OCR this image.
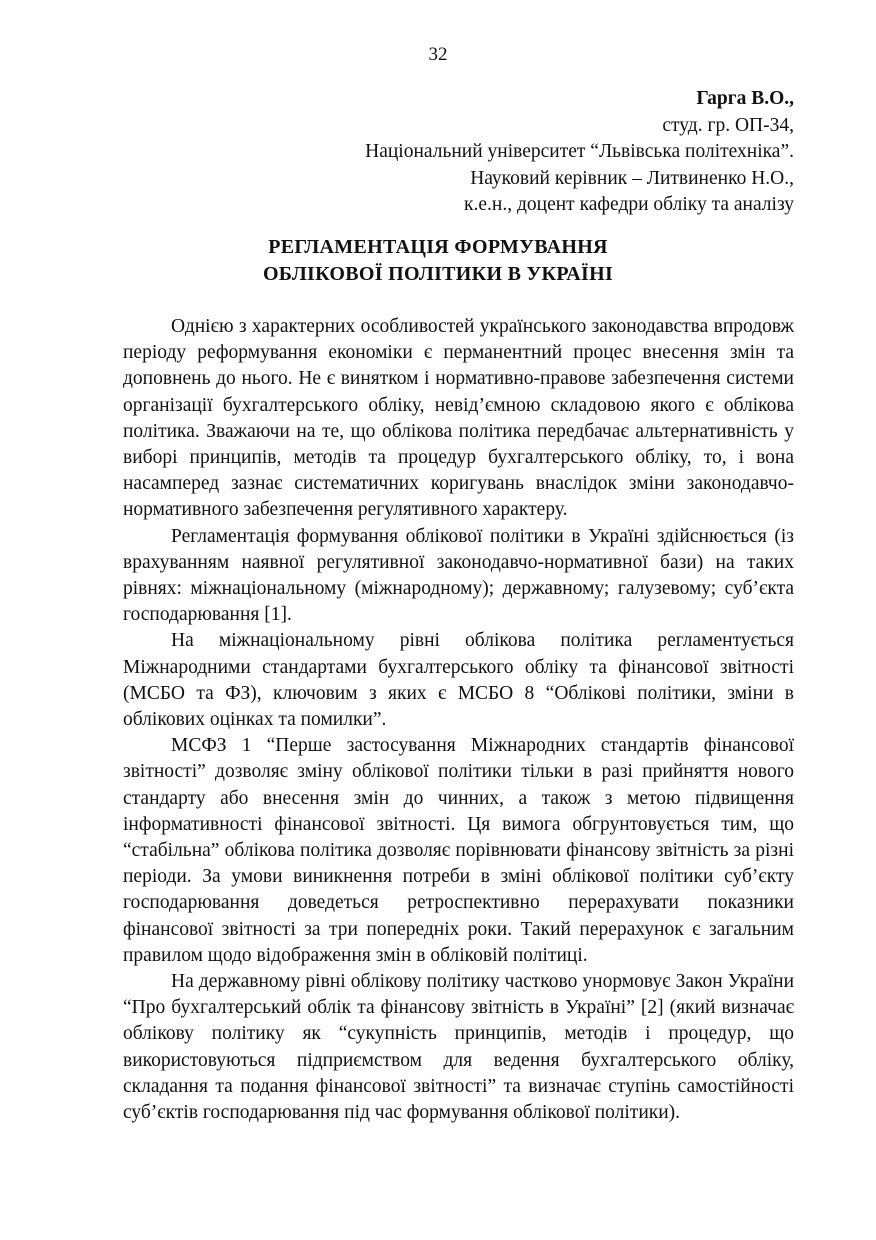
32
Гарга В.О.,
студ. гр. ОП-34,
Національний університет “Львівська політехніка”.
Науковий керівник – Литвиненко Н.О.,
к.е.н., доцент кафедри обліку та аналізу
РЕГЛАМЕНТАЦІЯ ФОРМУВАННЯ
ОБЛІКОВОЇ ПОЛІТИКИ В УКРАЇНІ

Однією з характерних особливостей українського законодавства впродовж періоду реформування економіки є перманентний процес внесення змін та доповнень до нього. Не є винятком і нормативно-правове забезпечення системи організації бухгалтерського обліку, невід’ємною складовою якого є облікова політика. Зважаючи на те, що облікова політика передбачає альтернативність у виборі принципів, методів та процедур бухгалтерського обліку, то, і вона насамперед зазнає систематичних коригувань внаслідок зміни законодавчо-нормативного забезпечення регулятивного характеру.

Регламентація формування облікової політики в Україні здійснюється (із врахуванням наявної регулятивної законодавчо-нормативної бази) на таких рівнях: міжнаціональному (міжнародному); державному; галузевому; суб’єкта господарювання [1].

На міжнаціональному рівні облікова політика регламентується Міжнародними стандартами бухгалтерського обліку та фінансової звітності (МСБО та ФЗ), ключовим з яких є МСБО 8 “Облікові політики, зміни в облікових оцінках та помилки”.

МСФЗ 1 “Перше застосування Міжнародних стандартів фінансової звітності” дозволяє зміну облікової політики тільки в разі прийняття нового стандарту або внесення змін до чинних, а також з метою підвищення інформативності фінансової звітності. Ця вимога обгрунтовується тим, що “стабільна” облікова політика дозволяє порівнювати фінансову звітність за різні періоди. За умови виникнення потреби в зміні облікової політики суб’єкту господарювання доведеться ретроспективно перерахувати показники фінансової звітності за три попередніх роки. Такий перерахунок є загальним правилом щодо відображення змін в обліковій політиці.

На державному рівні облікову політику частково унормовує Закон України “Про бухгалтерський облік та фінансову звітність в Україні” [2] (який визначає облікову політику як “сукупність принципів, методів і процедур, що використовуються підприємством для ведення бухгалтерського обліку, складання та подання фінансової звітності” та визначає ступінь самостійності суб’єктів господарювання під час формування облікової політики).
